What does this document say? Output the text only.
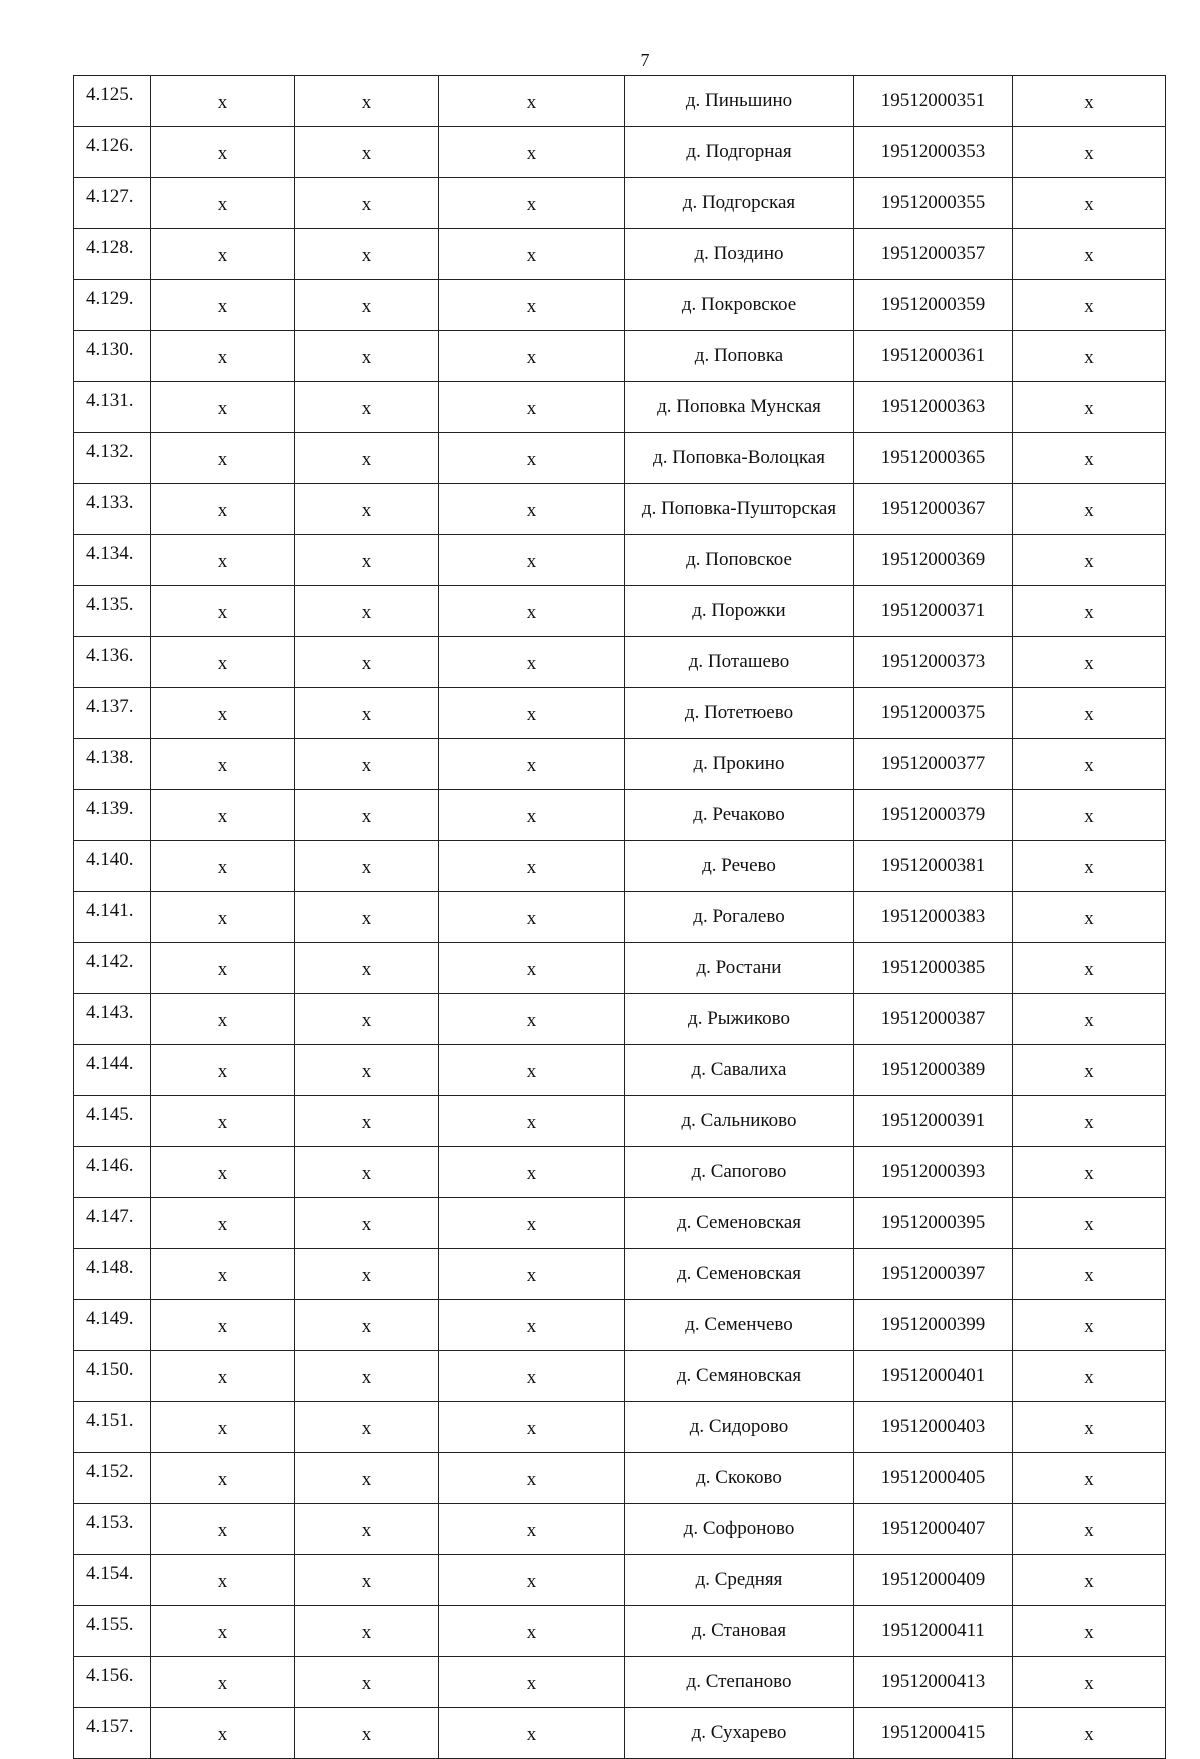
7
4.125.	х	х	х	д. Пиньшино	19512000351	х
4.126.	х	х	х	д. Подгорная	19512000353	х
4.127.	х	х	х	д. Подгорская	19512000355	х
4.128.	х	х	х	д. Поздино	19512000357	х
4.129.	х	х	х	д. Покровское	19512000359	х
4.130.	х	х	х	д. Поповка	19512000361	х
4.131.	х	х	х	д. Поповка Мунская	19512000363	х
4.132.	х	х	х	д. Поповка-Волоцкая	19512000365	х
4.133.	х	х	х	д. Поповка-Пушторская	19512000367	х
4.134.	х	х	х	д. Поповское	19512000369	х
4.135.	х	х	х	д. Порожки	19512000371	х
4.136.	х	х	х	д. Поташево	19512000373	х
4.137.	х	х	х	д. Потетюево	19512000375	х
4.138.	х	х	х	д. Прокино	19512000377	х
4.139.	х	х	х	д. Речаково	19512000379	х
4.140.	х	х	х	д. Речево	19512000381	х
4.141.	х	х	х	д. Рогалево	19512000383	х
4.142.	х	х	х	д. Ростани	19512000385	х
4.143.	х	х	х	д. Рыжиково	19512000387	х
4.144.	х	х	х	д. Савалиха	19512000389	х
4.145.	х	х	х	д. Сальниково	19512000391	х
4.146.	х	х	х	д. Сапогово	19512000393	х
4.147.	х	х	х	д. Семеновская	19512000395	х
4.148.	х	х	х	д. Семеновская	19512000397	х
4.149.	х	х	х	д. Семенчево	19512000399	х
4.150.	х	х	х	д. Семяновская	19512000401	х
4.151.	х	х	х	д. Сидорово	19512000403	х
4.152.	х	х	х	д. Скоково	19512000405	х
4.153.	х	х	х	д. Софроново	19512000407	х
4.154.	х	х	х	д. Средняя	19512000409	х
4.155.	х	х	х	д. Становая	19512000411	х
4.156.	х	х	х	д. Степаново	19512000413	х
4.157.	х	х	х	д. Сухарево	19512000415	х
